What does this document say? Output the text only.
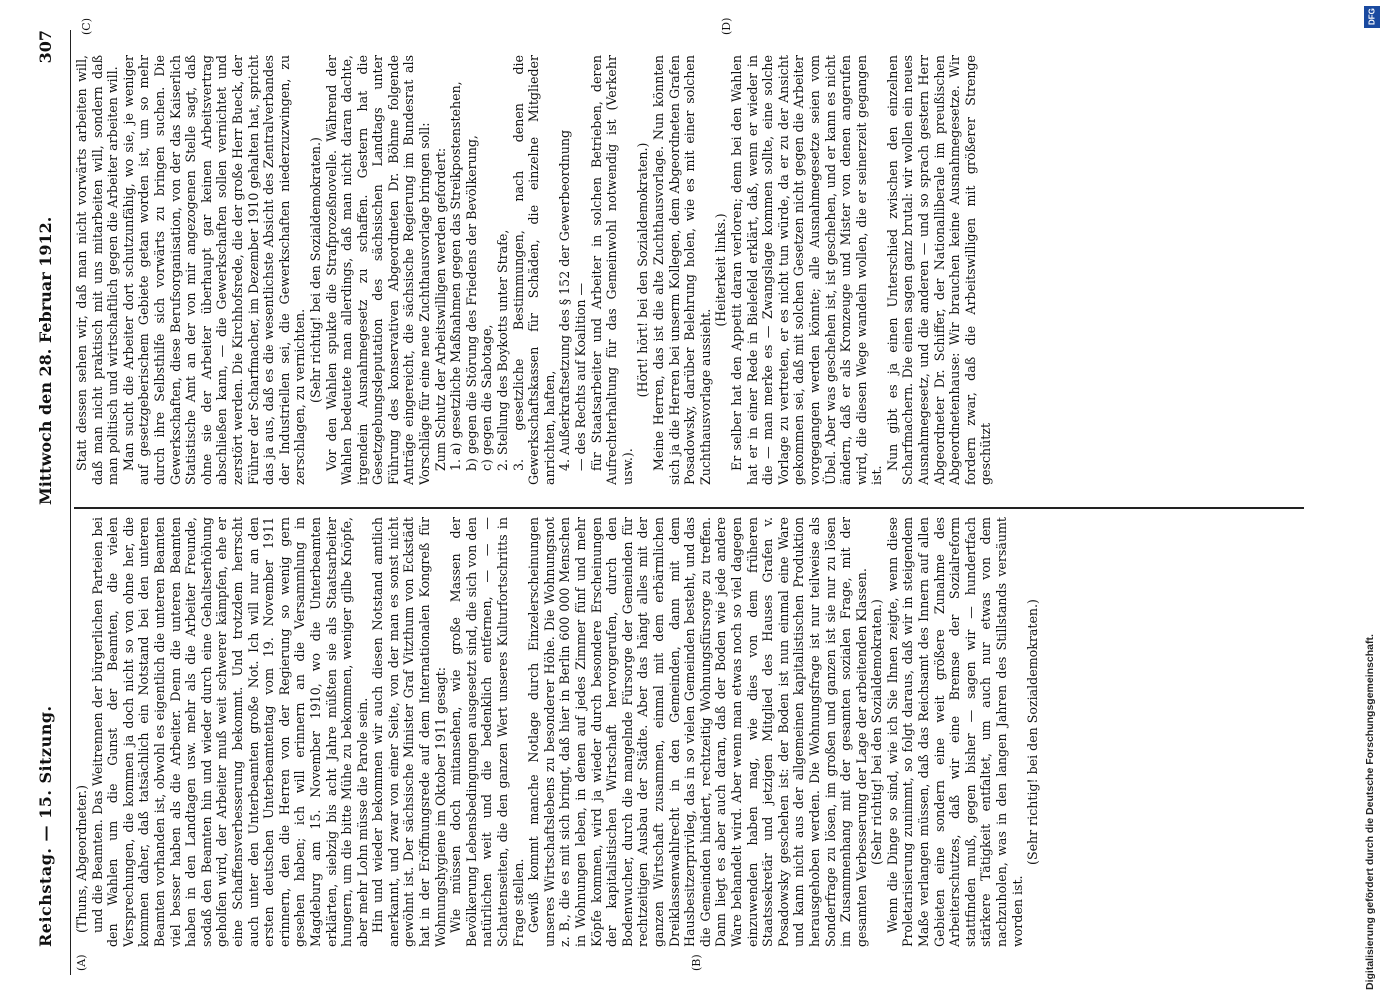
Reichstag. — 15. Sitzung.
Mittwoch den 28. Februar 1912.
307
(A)	(B)
(C)	(D)

(Thuns, Abgeordneter.) und die Beamten. Das Weitrennen der bürgerlichen Parteien bei den Wahlen um die Gunst der Beamten, die vielen Versprechungen, die kommen ja doch nicht so von ohne her, die kommen daher, daß tatsächlich ein Notstand bei den unteren Beamten vorhanden ist, obwohl es eigentlich die unteren Beamten viel besser haben als die Arbeiter. Denn die unteren Beamten haben in den Landtagen usw. mehr als die Arbeiter Freunde, sodaß den Beamten hin und wieder durch eine Gehaltserhöhung geholfen wird, der Arbeiter muß weit schwerer kämpfen, ehe er eine Schaffensverbesserung bekommt. Und trotzdem herrscht auch unter den Unterbeamten große Not. Ich will nur an den ersten deutschen Unterbeamtentag vom 19. November 1911 erinnern, den die Herren von der Regierung so wenig gern gesehen haben; ich will erinnern an die Versammlung in Magdeburg am 15. November 1910, wo die Unterbeamten erklärten, siebzig bis acht Jahre müßten sie als Staatsarbeiter hungern, um die bitte Mühe zu bekommen, weniger gilbe Knöpfe, aber mehr Lohn müsse die Parole sein. Hin und wieder bekommen wir auch diesen Notstand amtlich anerkannt, und zwar von einer Seite, von der man es sonst nicht gewöhnt ist. Der sächsische Minister Graf Vitzthum von Eckstädt hat in der Eröffnungsrede auf dem Internationalen Kongreß für Wohnungshygiene im Oktober 1911 gesagt: Wie müssen doch mitansehen, wie große Massen der Bevölkerung Lebensbedingungen ausgesetzt sind, die sich von den natürlichen weit und die bedenklich entfernen, — — — Schattenseiten, die den ganzen Wert unseres Kulturfortschritts in Frage stellen. Gewiß kommt manche Notlage durch Einzelerscheinungen unseres Wirtschaftslebens zu besonderer Höhe. Die Wohnungsnot z. B., die es mit sich bringt, daß hier in Berlin 600 000 Menschen in Wohnungen leben, in denen auf jedes Zimmer fünf und mehr Köpfe kommen, wird ja wieder durch besondere Erscheinungen der kapitalistischen Wirtschaft hervorgerufen, durch den Bodenwucher, durch die mangelnde Fürsorge der Gemeinden für rechtzeitigen Ausbau der Städte. Aber das hängt alles mit der ganzen Wirtschaft zusammen, einmal mit dem erbärmlichen Dreiklassenwahlrecht in den Gemeinden, dann mit dem Hausbesitzerprivileg, das in so vielen Gemeinden besteht, und das die Gemeinden hindert, rechtzeitig Wohnungsfürsorge zu treffen. Dann liegt es aber auch daran, daß der Boden wie jede andere Ware behandelt wird. Aber wenn man etwas noch so viel dagegen einzuwenden haben mag, wie dies von dem früheren Staatssekretär und jetzigen Mitglied des Hauses Grafen v. Posadowsky geschehen ist: der Boden ist nun einmal eine Ware und kann nicht aus der allgemeinen kapitalistischen Produktion herausgehoben werden. Die Wohnungsfrage ist nur teilweise als Sonderfrage zu lösen, im großen und ganzen ist sie nur zu lösen im Zusammenhang mit der gesamten sozialen Frage, mit der gesamten Verbesserung der Lage der arbeitenden Klassen. (Sehr richtig! bei den Sozialdemokraten.) Wenn die Dinge so sind, wie ich Sie Ihnen zeigte, wenn diese Proletarisierung zunimmt, so folgt daraus, daß wir in steigendem Maße verlangen müssen, daß das Reichsamt des Innern auf allen Gebieten eine sondern eine weit größere Zunahme des Arbeiterschutzes, daß wir eine Bremse der Sozialreform stattfinden muß, gegen bisher — sagen wir — hundertfach stärkere Tätigkeit entfaltet, um auch nur etwas von dem nachzuholen, was in den langen Jahren des Stillstands versäumt worden ist.

(Sehr richtig! bei den Sozialdemokraten.)

Statt dessen sehen wir, daß man nicht vorwärts arbeiten will, daß man nicht praktisch mit uns mitarbeiten will, sondern daß man politisch und wirtschaftlich gegen die Arbeiter arbeiten will. Man sucht die Arbeiter dort schutzunfähig, wo sie, je weniger auf gesetzgeberischem Gebiete getan worden ist, um so mehr durch ihre Selbsthilfe sich vorwärts zu bringen suchen. Die Gewerkschaften, diese Berufsorganisation, von der das Kaiserlich Statistische Amt an der von mir angezogenen Stelle sagt, daß ohne sie der Arbeiter überhaupt gar keinen Arbeitsvertrag abschließen kann, — die Gewerkschaften sollen vernichtet und zerstört werden. Die Kirchhofsrede, die der große Herr Bueck, der Führer der Scharfmacher, im Dezember 1910 gehalten hat, spricht das ja aus, daß es die wesentlichste Absicht des Zentralverbandes der Industriellen sei, die Gewerkschaften niederzuzwingen, zu zerschlagen, zu vernichten. (Sehr richtig! bei den Sozialdemokraten.) Vor den Wahlen spukte die Strafprozeßnovelle. Während der Wahlen bedeutete man allerdings, daß man nicht daran dachte, irgendein Ausnahmegesetz zu schaffen. Gestern hat die Gesetzgebungsdeputation des sächsischen Landtags unter Führung des konservativen Abgeordneten Dr. Böhme folgende Anträge eingereicht, die sächsische Regierung im Bundesrat als Vorschläge für eine neue Zuchthausvorlage bringen soll: Zum Schutz der Arbeitswilligen werden gefordert: 1. a) gesetzliche Maßnahmen gegen das Streikpostenstehen, b) gegen die Störung des Friedens der Bevölkerung, c) gegen die Sabotage, 2. Stellung des Boykotts unter Strafe, 3. gesetzliche Bestimmungen, nach denen die Gewerkschaftskassen für Schäden, die einzelne Mitglieder anrichten, haften, 4. Außerkraftsetzung des § 152 der Gewerbeordnung — des Rechts auf Koalition — für Staatsarbeiter und Arbeiter in solchen Betrieben, deren Aufrechterhaltung für das Gemeinwohl notwendig ist (Verkehr usw.).

(Hört! hört! bei den Sozialdemokraten.) Meine Herren, das ist die alte Zuchthausvorlage. Nun könnten sich ja die Herren bei unserm Kollegen, dem Abgeordneten Grafen Posadowsky, darüber Belehrung holen, wie es mit einer solchen Zuchthausvorlage aussieht.

(Heiterkeit links.) Er selber hat den Appetit daran verloren; denn bei den Wahlen hat er in einer Rede in Bielefeld erklärt, daß, wenn er wieder in die — man merke es — Zwangslage kommen sollte, eine solche Vorlage zu vertreten, er es nicht tun würde, da er zu der Ansicht gekommen sei, daß mit solchen Gesetzen nicht gegen die Arbeiter vorgegangen werden könnte; alle Ausnahmegesetze seien vom Übel. Aber was geschehen ist, ist geschehen, und er kann es nicht ändern, daß er als Kronzeuge und Mister von denen angerufen wird, die diesen Wege wandeln wollen, die er seinerzeit gegangen ist.

Nun gibt es ja einen Unterschied zwischen den einzelnen Scharfmachern. Die einen sagen ganz brutal: wir wollen ein neues Ausnahmegesetz, und die anderen — und so sprach gestern Herr Abgeordneter Dr. Schiffer, der Nationalliberale im preußischen Abgeordnetenhause: Wir brauchen keine Ausnahmegesetze. Wir fordern zwar, daß die Arbeitswilligen mit größerer Strenge geschützt

Digitalisierung gefördert durch die Deutsche Forschungsgemeinschaft.
DFG
